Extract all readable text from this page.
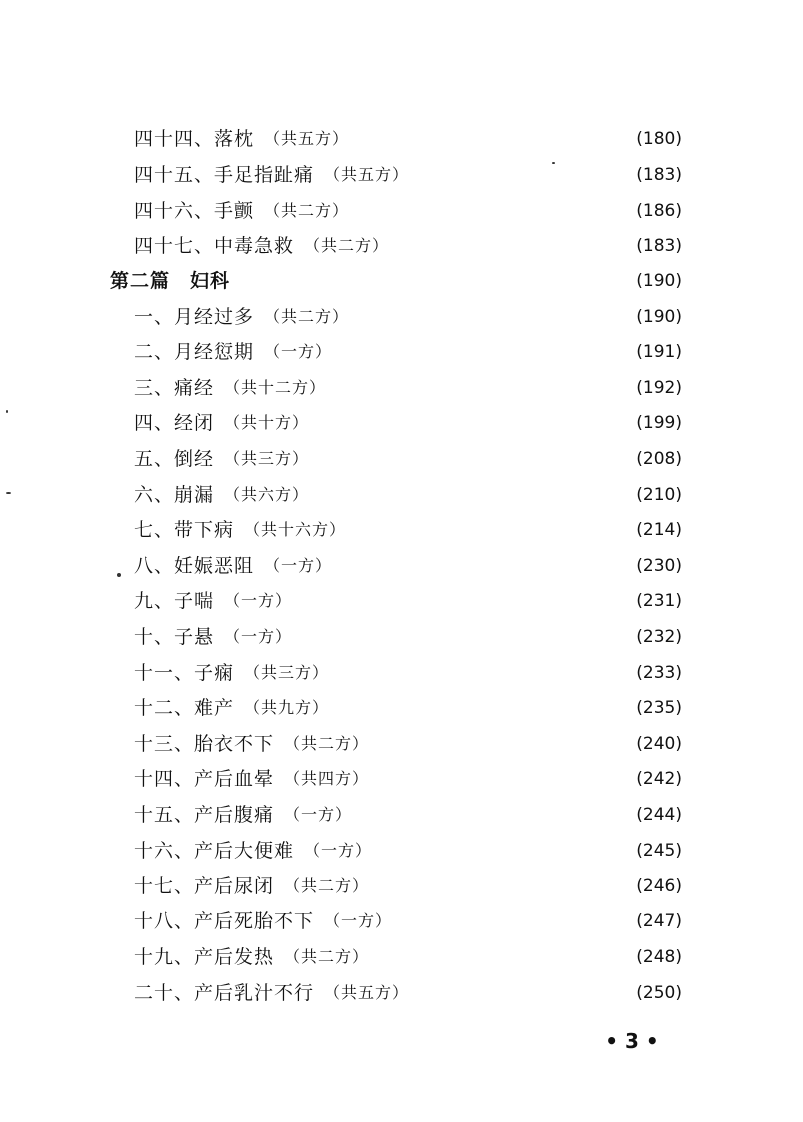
四十四、落枕 （共五方）	(180)
四十五、手足指趾痛 （共五方）	(183)
四十六、手颤 （共二方）	(186)
四十七、中毒急救 （共二方）	(183)
第二篇　妇科	(190)
一、月经过多 （共二方）	(190)
二、月经愆期 （一方）	(191)
三、痛经 （共十二方）	(192)
四、经闭 （共十方）	(199)
五、倒经 （共三方）	(208)
六、崩漏 （共六方）	(210)
七、带下病 （共十六方）	(214)
八、妊娠恶阻 （一方）	(230)
九、子喘 （一方）	(231)
十、子悬 （一方）	(232)
十一、子痫 （共三方）	(233)
十二、难产 （共九方）	(235)
十三、胎衣不下 （共二方）	(240)
十四、产后血晕 （共四方）	(242)
十五、产后腹痛 （一方）	(244)
十六、产后大便难 （一方）	(245)
十七、产后尿闭 （共二方）	(246)
十八、产后死胎不下 （一方）	(247)
十九、产后发热 （共二方）	(248)
二十、产后乳汁不行 （共五方）	(250)
• 3 •
